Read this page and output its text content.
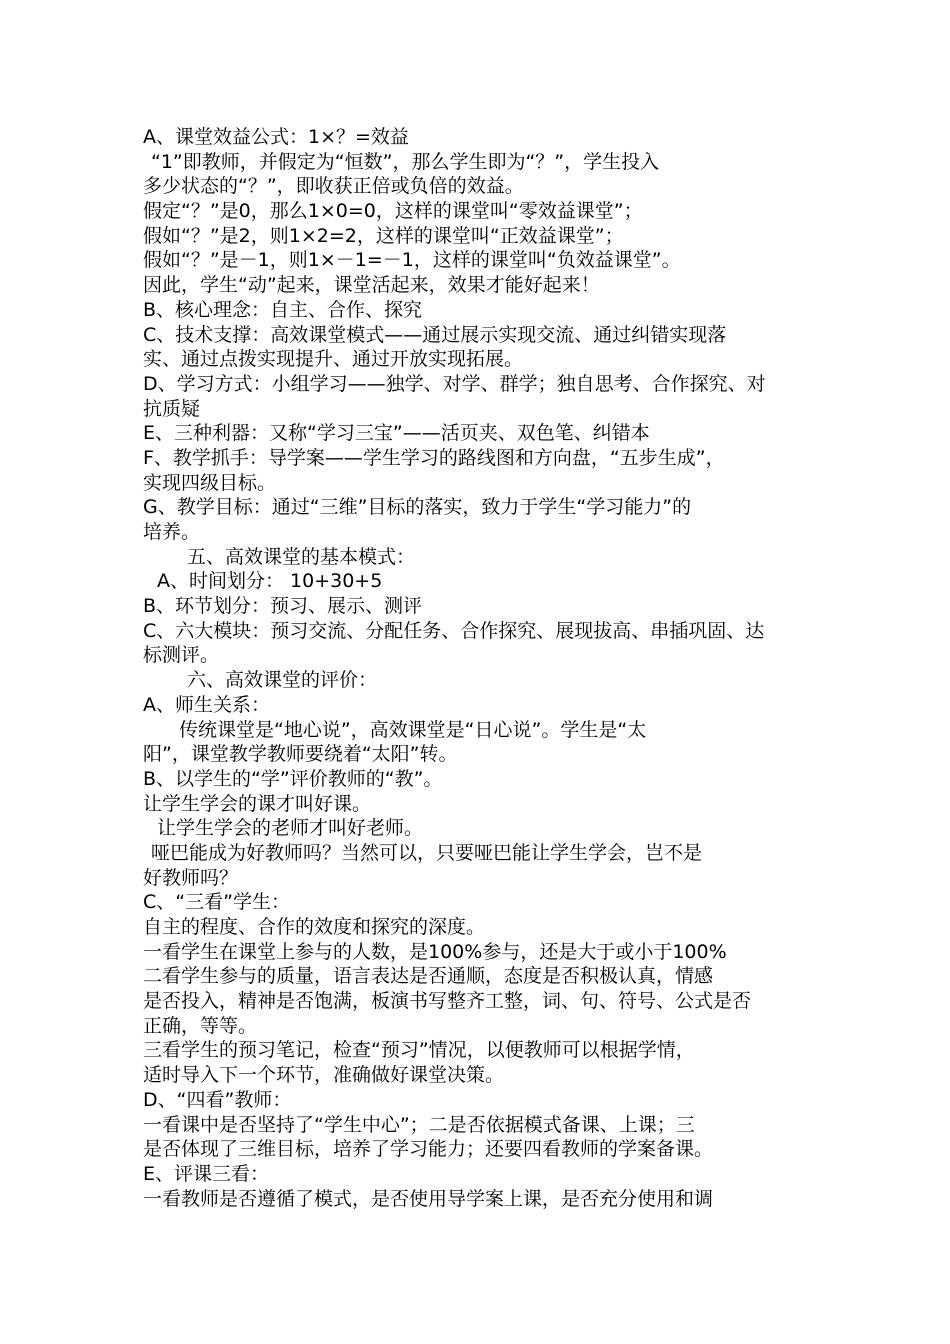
A、课堂效益公式：1×？=效益
“1”即教师，并假定为“恒数”，那么学生即为“？”，学生投入
多少状态的“？”，即收获正倍或负倍的效益。
假定“？”是0，那么1×0=0，这样的课堂叫“零效益课堂”；
假如“？”是2，则1×2=2，这样的课堂叫“正效益课堂”；
假如“？”是－1，则1×－1=－1，这样的课堂叫“负效益课堂”。
因此，学生“动”起来，课堂活起来，效果才能好起来！
B、核心理念：自主、合作、探究
C、技术支撑：高效课堂模式——通过展示实现交流、通过纠错实现落
实、通过点拨实现提升、通过开放实现拓展。
D、学习方式：小组学习——独学、对学、群学；独自思考、合作探究、对
抗质疑
E、三种利器：又称“学习三宝”——活页夹、双色笔、纠错本
F、教学抓手：导学案——学生学习的路线图和方向盘，“五步生成”，
实现四级目标。
G、教学目标：通过“三维”目标的落实，致力于学生“学习能力”的
培养。
五、高效课堂的基本模式：
A、时间划分： 10+30+5
B、环节划分：预习、展示、测评
C、六大模块：预习交流、分配任务、合作探究、展现拔高、串插巩固、达
标测评。
六、高效课堂的评价：
A、师生关系：
传统课堂是“地心说”，高效课堂是“日心说”。学生是“太
阳”，课堂教学教师要绕着“太阳”转。
B、以学生的“学”评价教师的“教”。
让学生学会的课才叫好课。
让学生学会的老师才叫好老师。
哑巴能成为好教师吗？当然可以，只要哑巴能让学生学会，岂不是
好教师吗？
C、“三看”学生：
自主的程度、合作的效度和探究的深度。
一看学生在课堂上参与的人数，是100%参与，还是大于或小于100%
二看学生参与的质量，语言表达是否通顺，态度是否积极认真，情感
是否投入，精神是否饱满，板演书写整齐工整，词、句、符号、公式是否
正确，等等。
三看学生的预习笔记，检查“预习”情况，以便教师可以根据学情，
适时导入下一个环节，准确做好课堂决策。
D、“四看”教师：
一看课中是否坚持了“学生中心”；二是否依据模式备课、上课；三
是否体现了三维目标，培养了学习能力；还要四看教师的学案备课。
E、评课三看：
一看教师是否遵循了模式，是否使用导学案上课，是否充分使用和调
